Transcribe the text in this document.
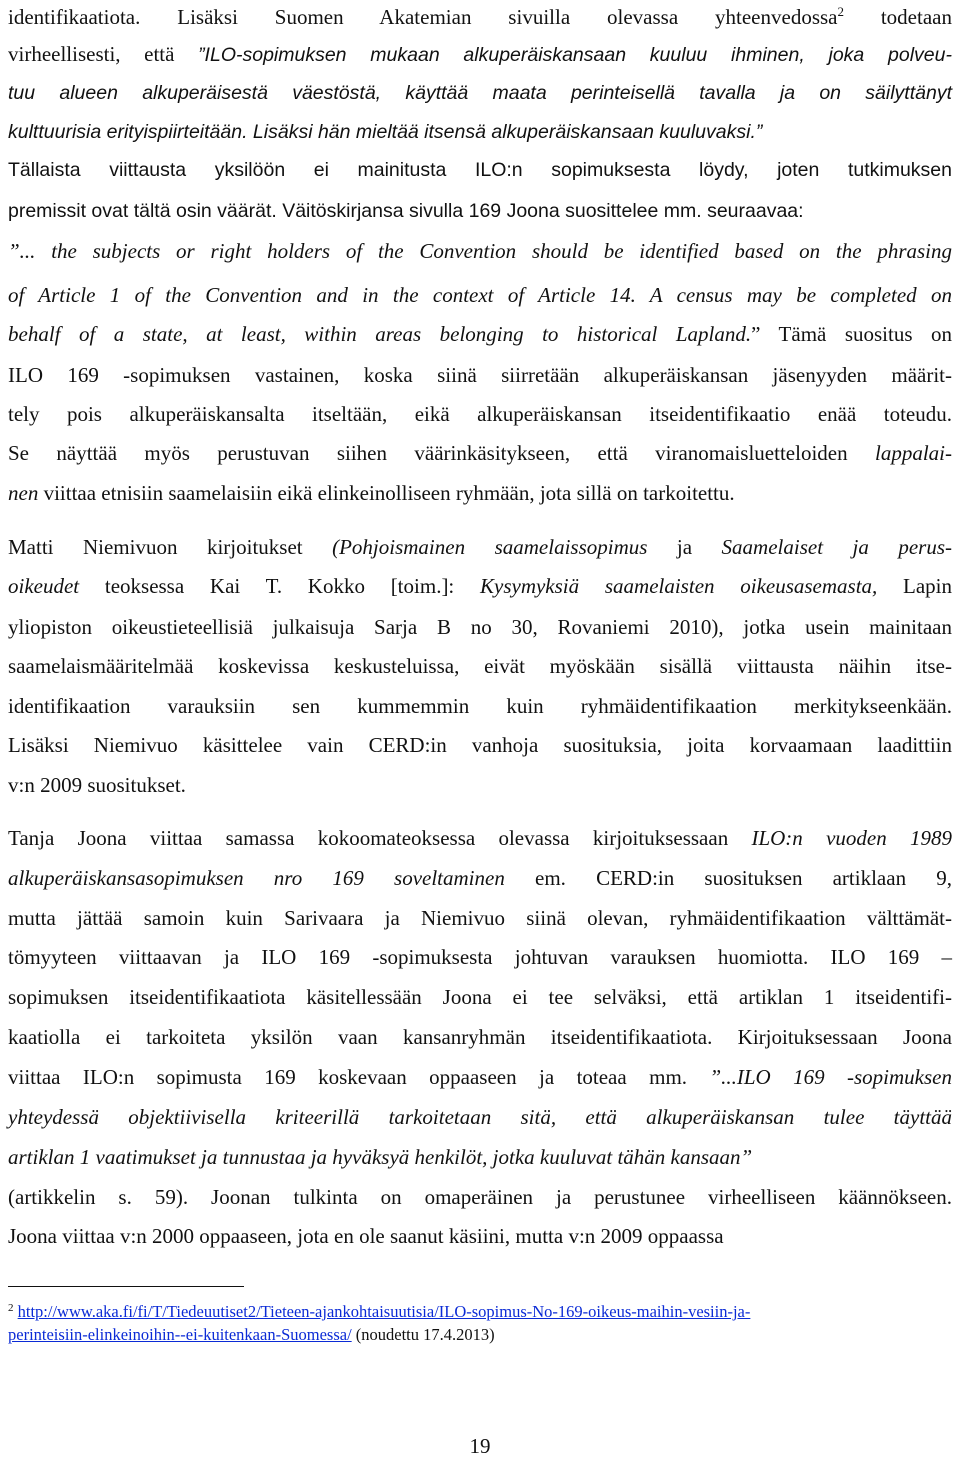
identifikaatiota. Lisäksi Suomen Akatemian sivuilla olevassa yhteenvedossa$^2$ todetaan
virheellisesti, että ”ILO-sopimuksen mukaan alkuperäiskansaan kuuluu ihminen, joka polveu-
tuu alueen alkuperäisestä väestöstä, käyttää maata perinteisellä tavalla ja on säilyttänyt
kulttuurisia erityispiirteitään. Lisäksi hän mieltää itsensä alkuperäiskansaan kuuluvaksi.”
Tällaista viittausta yksilöön ei mainitusta ILO:n sopimuksesta löydy, joten tutkimuksen
premissit ovat tältä osin väärät. Väitöskirjansa sivulla 169 Joona suosittelee mm. seuraavaa:
”... the subjects or right holders of the Convention should be identified based on the phrasing
of Article 1 of the Convention and in the context of Article 14. A census may be completed on
behalf of a state, at least, within areas belonging to historical Lapland.” Tämä suositus on
ILO 169 -sopimuksen vastainen, koska siinä siirretään alkuperäiskansan jäsenyyden määrit-
tely pois alkuperäiskansalta itseltään, eikä alkuperäiskansan itseidentifikaatio enää toteudu.
Se näyttää myös perustuvan siihen väärinkäsitykseen, että viranomaisluetteloiden lappalai-
nen viittaa etnisiin saamelaisiin eikä elinkeinolliseen ryhmään, jota sillä on tarkoitettu.
Matti Niemivuon kirjoitukset (Pohjoismainen saamelaissopimus ja Saamelaiset ja perus-
oikeudet teoksessa Kai T. Kokko [toim.]: Kysymyksiä saamelaisten oikeusasemasta, Lapin
yliopiston oikeustieteellisiä julkaisuja Sarja B no 30, Rovaniemi 2010), jotka usein mainitaan
saamelaismääritelmää koskevissa keskusteluissa, eivät myöskään sisällä viittausta näihin itse-
identifikaation varauksiin sen kummemmin kuin ryhmäidentifikaation merkitykseenkään.
Lisäksi Niemivuo käsittelee vain CERD:in vanhoja suosituksia, joita korvaamaan laadittiin
v:n 2009 suositukset.
Tanja Joona viittaa samassa kokoomateoksessa olevassa kirjoituksessaan ILO:n vuoden 1989
alkuperäiskansasopimuksen nro 169 soveltaminen em. CERD:in suosituksen artiklaan 9,
mutta jättää samoin kuin Sarivaara ja Niemivuo siinä olevan, ryhmäidentifikaation välttämät-
tömyyteen viittaavan ja ILO 169 -sopimuksesta johtuvan varauksen huomiotta. ILO 169 –
sopimuksen itseidentifikaatiota käsitellessään Joona ei tee selväksi, että artiklan 1 itseidentifi-
kaatiolla ei tarkoiteta yksilön vaan kansanryhmän itseidentifikaatiota. Kirjoituksessaan Joona
viittaa ILO:n sopimusta 169 koskevaan oppaaseen ja toteaa mm. ”...ILO 169 -sopimuksen
yhteydessä objektiivisella kriteerillä tarkoitetaan sitä, että alkuperäiskansan tulee täyttää
artiklan 1 vaatimukset ja tunnustaa ja hyväksyä henkilöt, jotka kuuluvat tähän kansaan”
(artikkelin s. 59). Joonan tulkinta on omaperäinen ja perustunee virheelliseen käännökseen.
Joona viittaa v:n 2000 oppaaseen, jota en ole saanut käsiini, mutta v:n 2009 oppaassa
$^2$ http://www.aka.fi/fi/T/Tiedeuutiset2/Tieteen-ajankohtaisuutisia/ILO-sopimus-No-169-oikeus-maihin-vesiin-ja-
perinteisiin-elinkeinoihin--ei-kuitenkaan-Suomessa/ (noudettu 17.4.2013)
19
